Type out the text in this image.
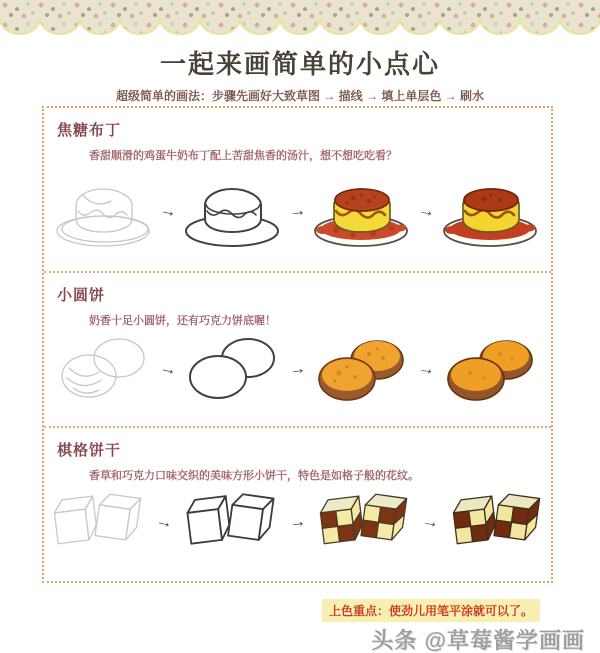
一起来画简单的小点心
超级简单的画法：步骤先画好大致草图 → 描线 → 填上单层色 → 刷水
焦糖布丁
香甜顺滑的鸡蛋牛奶布丁配上苦甜焦香的汤汁，想不想吃吃看？
→	→	→
小圆饼
奶香十足小圆饼，还有巧克力饼底喔！
→	→	→
棋格饼干
香草和巧克力口味交织的美味方形小饼干，特色是如格子般的花纹。
→	→	→
上色重点：使劲儿用笔平涂就可以了。
头条 @草莓酱学画画
